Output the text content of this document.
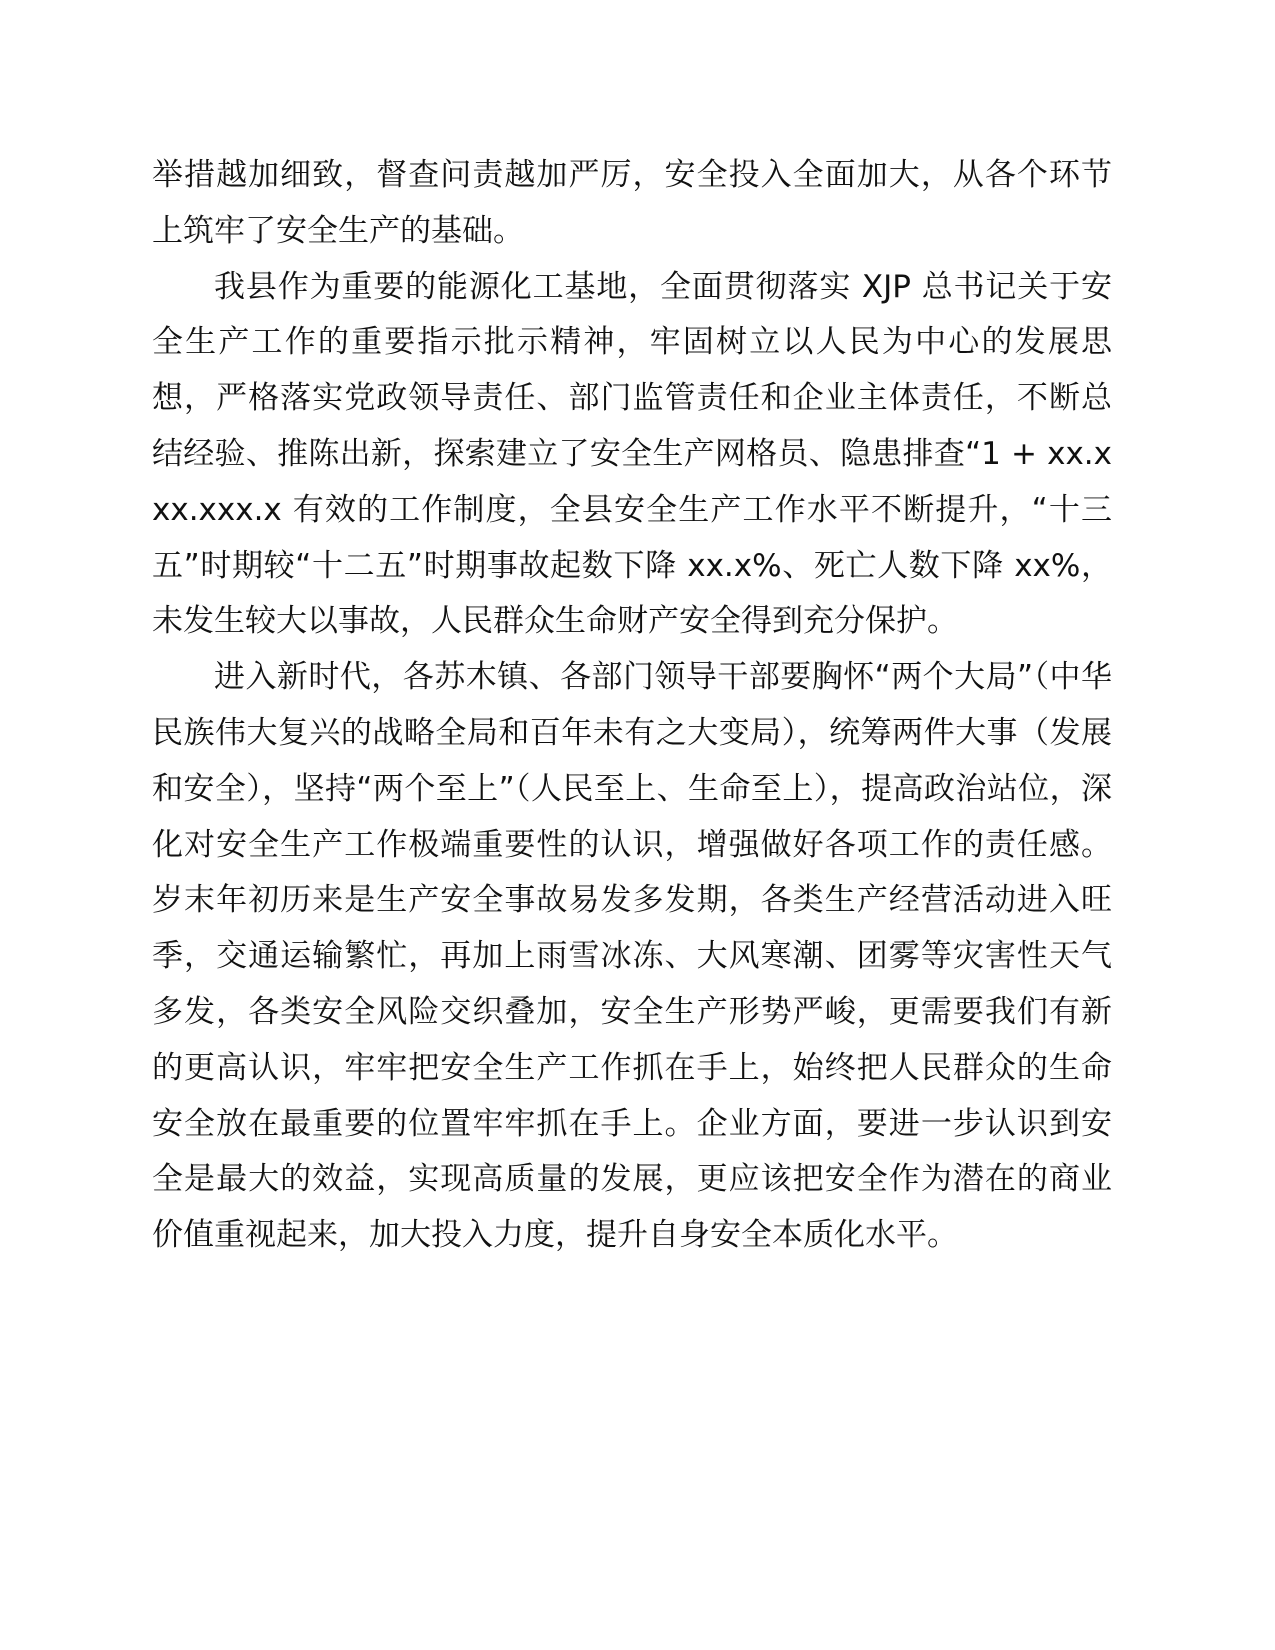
举措越加细致，督查问责越加严厉，安全投入全面加大，从各个环节上筑牢了安全生产的基础。

我县作为重要的能源化工基地，全面贯彻落实 XJP 总书记关于安全生产工作的重要指示批示精神，牢固树立以人民为中心的发展思想，严格落实党政领导责任、部门监管责任和企业主体责任，不断总结经验、推陈出新，探索建立了安全生产网格员、隐患排查“1 + xx.xxx.xxx.x 有效的工作制度，全县安全生产工作水平不断提升，“十三五”时期较“十二五”时期事故起数下降 xx.x%、死亡人数下降 xx%，未发生较大以事故，人民群众生命财产安全得到充分保护。

进入新时代，各苏木镇、各部门领导干部要胸怀“两个大局”（中华民族伟大复兴的战略全局和百年未有之大变局），统筹两件大事（发展和安全），坚持“两个至上”（人民至上、生命至上），提高政治站位，深化对安全生产工作极端重要性的认识，增强做好各项工作的责任感。岁末年初历来是生产安全事故易发多发期，各类生产经营活动进入旺季，交通运输繁忙，再加上雨雪冰冻、大风寒潮、团雾等灾害性天气多发，各类安全风险交织叠加，安全生产形势严峻，更需要我们有新的更高认识，牢牢把安全生产工作抓在手上，始终把人民群众的生命安全放在最重要的位置牢牢抓在手上。企业方面，要进一步认识到安全是最大的效益，实现高质量的发展，更应该把安全作为潜在的商业价值重视起来，加大投入力度，提升自身安全本质化水平。
